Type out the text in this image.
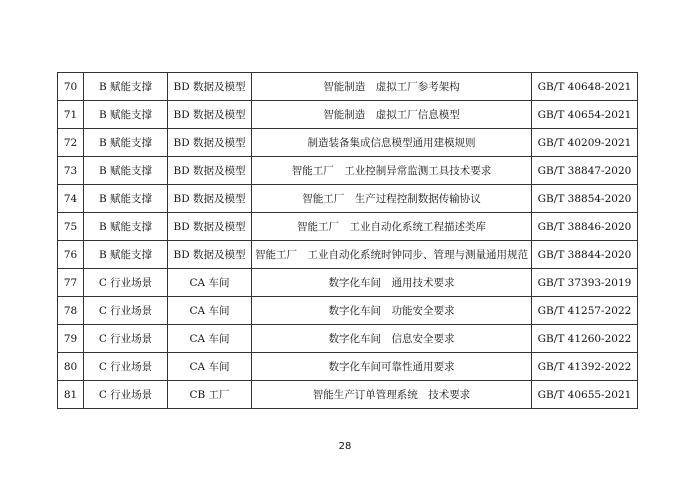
70	B 赋能支撑	BD 数据及模型	智能制造　虚拟工厂参考架构	GB/T 40648-2021
71	B 赋能支撑	BD 数据及模型	智能制造　虚拟工厂信息模型	GB/T 40654-2021
72	B 赋能支撑	BD 数据及模型	制造装备集成信息模型通用建模规则	GB/T 40209-2021
73	B 赋能支撑	BD 数据及模型	智能工厂　工业控制异常监测工具技术要求	GB/T 38847-2020
74	B 赋能支撑	BD 数据及模型	智能工厂　生产过程控制数据传输协议	GB/T 38854-2020
75	B 赋能支撑	BD 数据及模型	智能工厂　工业自动化系统工程描述类库	GB/T 38846-2020
76	B 赋能支撑	BD 数据及模型	智能工厂　工业自动化系统时钟同步、管理与测量通用规范	GB/T 38844-2020
77	C 行业场景	CA 车间	数字化车间　通用技术要求	GB/T 37393-2019
78	C 行业场景	CA 车间	数字化车间　功能安全要求	GB/T 41257-2022
79	C 行业场景	CA 车间	数字化车间　信息安全要求	GB/T 41260-2022
80	C 行业场景	CA 车间	数字化车间可靠性通用要求	GB/T 41392-2022
81	C 行业场景	CB 工厂	智能生产订单管理系统　技术要求	GB/T 40655-2021
28
